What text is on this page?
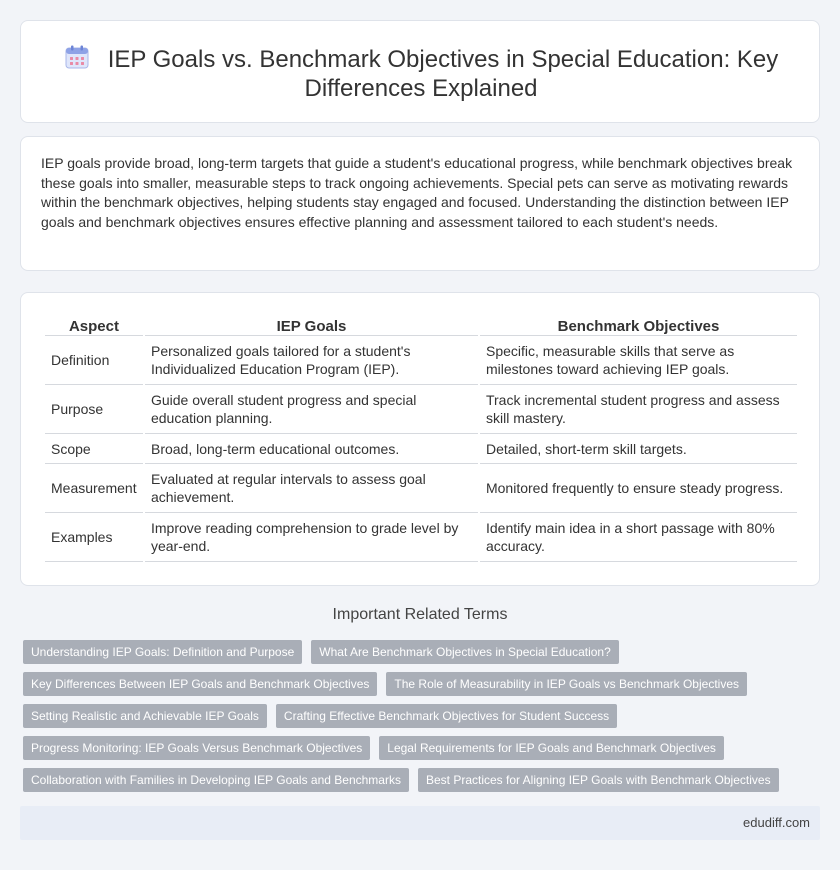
IEP Goals vs. Benchmark Objectives in Special Education: Key Differences Explained

IEP goals provide broad, long-term targets that guide a student's educational progress, while benchmark objectives break these goals into smaller, measurable steps to track ongoing achievements. Special pets can serve as motivating rewards within the benchmark objectives, helping students stay engaged and focused. Understanding the distinction between IEP goals and benchmark objectives ensures effective planning and assessment tailored to each student's needs.

Aspect	IEP Goals	Benchmark Objectives
Definition	Personalized goals tailored for a student's Individualized Education Program (IEP).	Specific, measurable skills that serve as milestones toward achieving IEP goals.
Purpose	Guide overall student progress and special education planning.	Track incremental student progress and assess skill mastery.
Scope	Broad, long-term educational outcomes.	Detailed, short-term skill targets.
Measurement	Evaluated at regular intervals to assess goal achievement.	Monitored frequently to ensure steady progress.
Examples	Improve reading comprehension to grade level by year-end.	Identify main idea in a short passage with 80% accuracy.
Important Related Terms
Understanding IEP Goals: Definition and Purpose	What Are Benchmark Objectives in Special Education?
Key Differences Between IEP Goals and Benchmark Objectives	The Role of Measurability in IEP Goals vs Benchmark Objectives
Setting Realistic and Achievable IEP Goals	Crafting Effective Benchmark Objectives for Student Success
Progress Monitoring: IEP Goals Versus Benchmark Objectives	Legal Requirements for IEP Goals and Benchmark Objectives
Collaboration with Families in Developing IEP Goals and Benchmarks	Best Practices for Aligning IEP Goals with Benchmark Objectives
edudiff.com
